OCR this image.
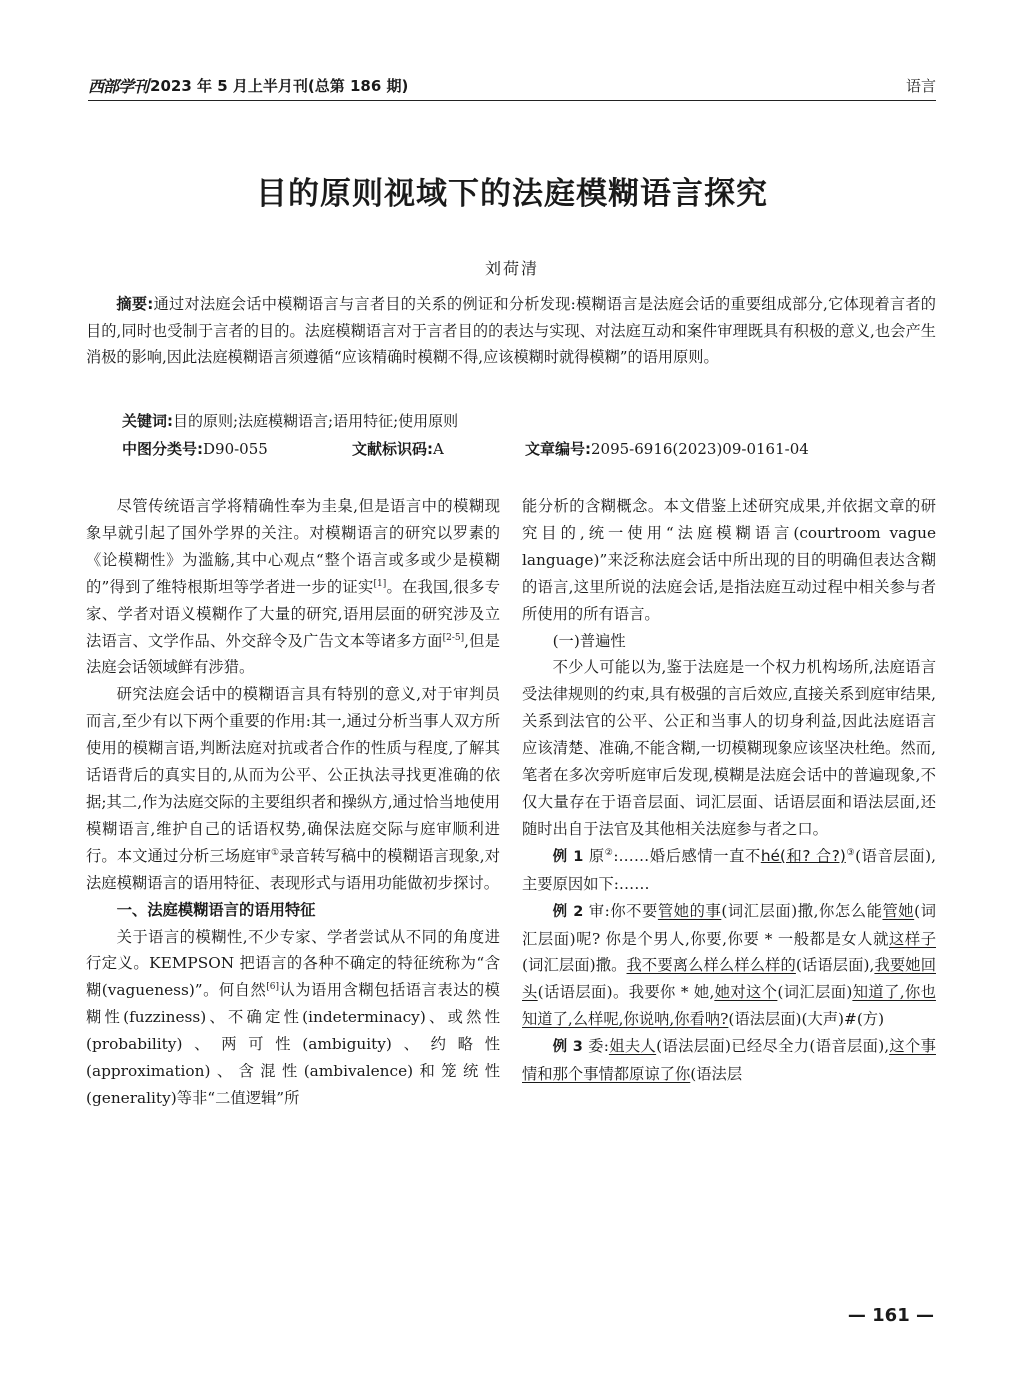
西部学刊 2023 年 5 月上半月刊(总第 186 期)	语言
目的原则视域下的法庭模糊语言探究
刘荷清
摘要:通过对法庭会话中模糊语言与言者目的关系的例证和分析发现:模糊语言是法庭会话的重要组成部分,它体现着言者的目的,同时也受制于言者的目的。法庭模糊语言对于言者目的的表达与实现、对法庭互动和案件审理既具有积极的意义,也会产生消极的影响,因此法庭模糊语言须遵循“应该精确时模糊不得,应该模糊时就得模糊”的语用原则。
关键词:目的原则;法庭模糊语言;语用特征;使用原则
中图分类号:D90-055	文献标识码:A	文章编号:2095-6916(2023)09-0161-04

尽管传统语言学将精确性奉为圭臬,但是语言中的模糊现象早就引起了国外学界的关注。对模糊语言的研究以罗素的《论模糊性》为滥觞,其中心观点“整个语言或多或少是模糊的”得到了维特根斯坦等学者进一步的证实[1]。在我国,很多专家、学者对语义模糊作了大量的研究,语用层面的研究涉及立法语言、文学作品、外交辞令及广告文本等诸多方面[2-5],但是法庭会话领域鲜有涉猎。

研究法庭会话中的模糊语言具有特别的意义,对于审判员而言,至少有以下两个重要的作用:其一,通过分析当事人双方所使用的模糊言语,判断法庭对抗或者合作的性质与程度,了解其话语背后的真实目的,从而为公平、公正执法寻找更准确的依据;其二,作为法庭交际的主要组织者和操纵方,通过恰当地使用模糊语言,维护自己的话语权势,确保法庭交际与庭审顺利进行。本文通过分析三场庭审①录音转写稿中的模糊语言现象,对法庭模糊语言的语用特征、表现形式与语用功能做初步探讨。

一、法庭模糊语言的语用特征

关于语言的模糊性,不少专家、学者尝试从不同的角度进行定义。KEMPSON 把语言的各种不确定的特征统称为“含糊(vagueness)”。何自然[6]认为语用含糊包括语言表达的模糊性(fuzziness)、不确定性(indeterminacy)、或然性(probability)、两可性(ambiguity)、约略性(approximation)、含混性(ambivalence)和笼统性(generality)等非“二值逻辑”所

能分析的含糊概念。本文借鉴上述研究成果,并依据文章的研究目的,统一使用“法庭模糊语言(courtroom vague language)”来泛称法庭会话中所出现的目的明确但表达含糊的语言,这里所说的法庭会话,是指法庭互动过程中相关参与者所使用的所有语言。

(一)普遍性

不少人可能以为,鉴于法庭是一个权力机构场所,法庭语言受法律规则的约束,具有极强的言后效应,直接关系到庭审结果,关系到法官的公平、公正和当事人的切身利益,因此法庭语言应该清楚、准确,不能含糊,一切模糊现象应该坚决杜绝。然而,笔者在多次旁听庭审后发现,模糊是法庭会话中的普遍现象,不仅大量存在于语音层面、词汇层面、话语层面和语法层面,还随时出自于法官及其他相关法庭参与者之口。

例 1 原②:……婚后感情一直不hé(和? 合?)③(语音层面),主要原因如下:……

例 2 审:你不要管她的事(词汇层面)撒,你怎么能管她(词汇层面)呢? 你是个男人,你要,你要 * 一般都是女人就这样子(词汇层面)撒。我不要离么样么样么样的(话语层面),我要她回头(话语层面)。我要你 * 她,她对这个(词汇层面)知道了,你也知道了,么样呢,你说呐,你看呐?(语法层面)(大声)#(方)

例 3 委:姐夫人(语法层面)已经尽全力(语音层面),这个事情和那个事情都原谅了你(语法层

— 161 —
